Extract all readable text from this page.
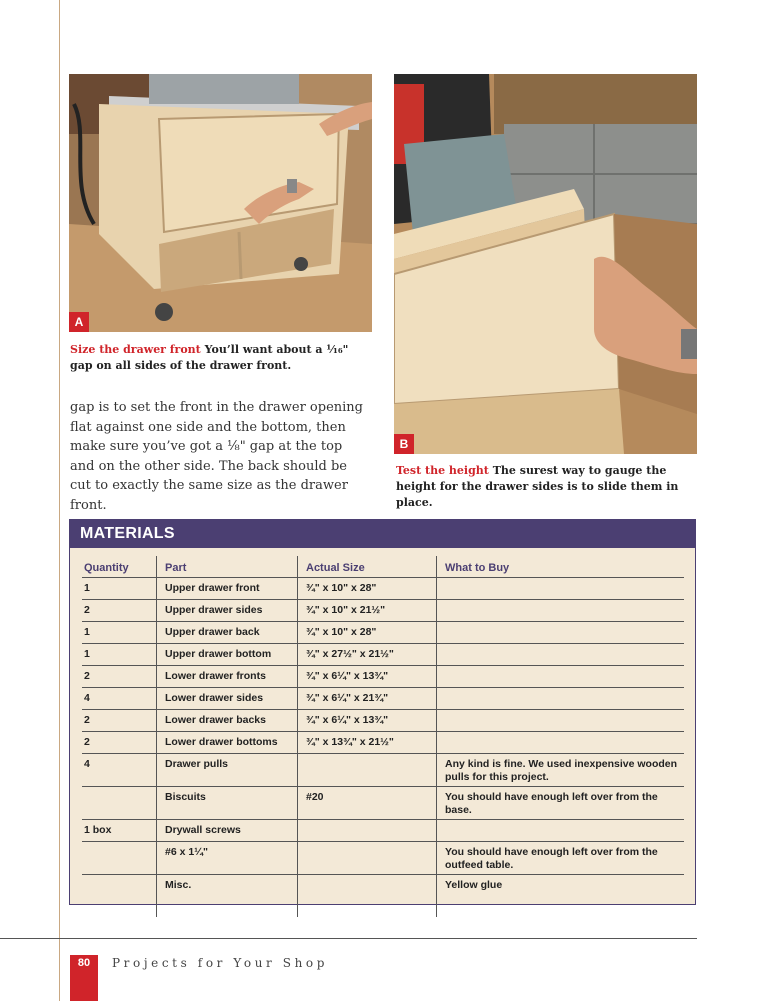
A
Size the drawer front You’ll want about a ¹⁄₁₆" gap on all sides of the drawer front.
B
Test the height The surest way to gauge the height for the drawer sides is to slide them in place.

gap is to set the front in the drawer opening flat against one side and the bottom, then make sure you’ve got a ⅛" gap at the top and on the other side. The back should be cut to exactly the same size as the drawer front.

MATERIALS
Quantity	Part	Actual Size	What to Buy
1	Upper drawer front	¾" x 10" x 28"	
2	Upper drawer sides	¾" x 10" x 21½"	
1	Upper drawer back	¾" x 10" x 28"	
1	Upper drawer bottom	¾" x 27½" x 21½"	
2	Lower drawer fronts	¾" x 6¼" x 13¾"	
4	Lower drawer sides	¾" x 6¼" x 21¾"	
2	Lower drawer backs	¾" x 6¼" x 13¾"	
2	Lower drawer bottoms	¾" x 13¾" x 21½"	
4	Drawer pulls		Any kind is fine. We used inexpensive wooden pulls for this project.
	Biscuits	#20	You should have enough left over from the base.
1 box	Drywall screws		
	#6 x 1¼"		You should have enough left over from the outfeed table.
	Misc.		Yellow glue
80	Projects for Your Shop
